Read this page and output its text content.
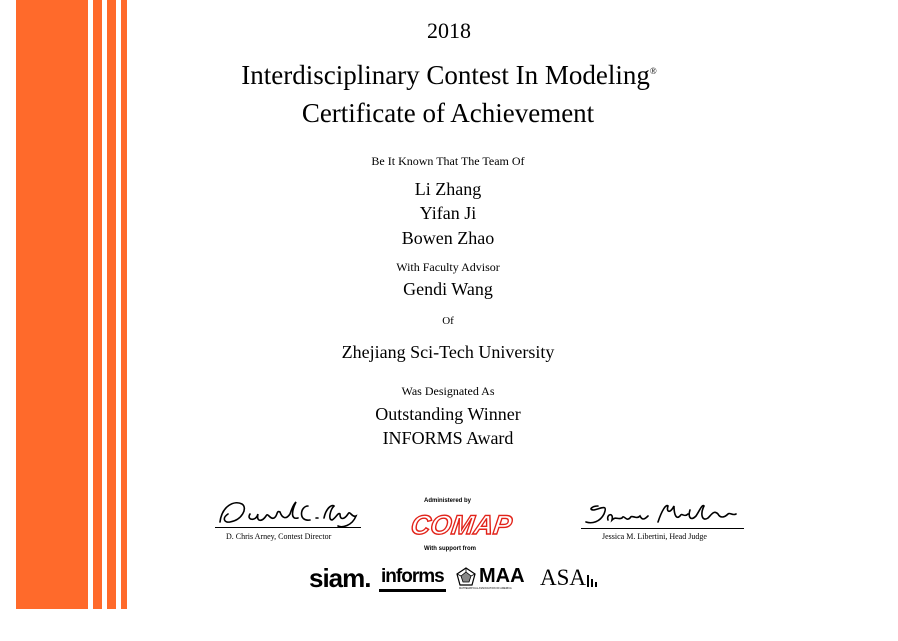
2018
Interdisciplinary Contest In Modeling®
Certificate of Achievement
Be It Known That The Team Of
Li Zhang
Yifan Ji
Bowen Zhao
With Faculty Advisor
Gendi Wang
Of
Zhejiang Sci-Tech University
Was Designated As
Outstanding Winner
INFORMS Award
D. Chris Arney, Contest Director
Administered by
COMAP
With support from
Jessica M. Libertini, Head Judge
siam. informs MAA
MATHEMATICAL ASSOCIATION OF AMERICA ASA
